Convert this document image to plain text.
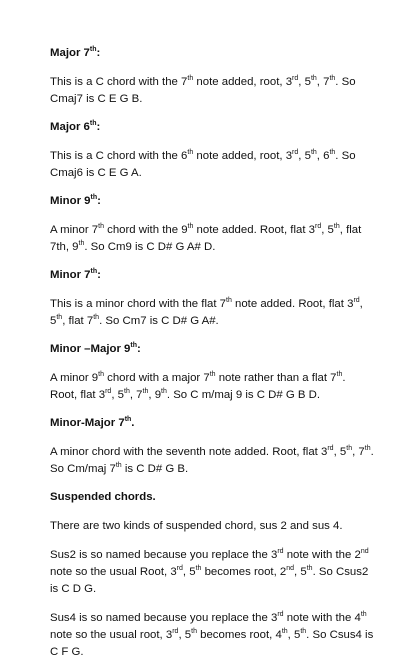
Major 7th:

This is a C chord with the 7th note added, root, 3rd, 5th, 7th. So Cmaj7 is C E G B.

Major 6th:

This is a C chord with the 6th note added, root, 3rd, 5th, 6th. So Cmaj6 is C E G A.

Minor 9th:

A minor 7th chord with the 9th note added. Root, flat 3rd, 5th, flat 7th, 9th. So Cm9 is C D# G A# D.

Minor 7th:

This is a minor chord with the flat 7th note added. Root, flat 3rd, 5th, flat 7th. So Cm7 is C D# G A#.

Minor –Major 9th:

A minor 9th chord with a major 7th note rather than a flat 7th. Root, flat 3rd, 5th, 7th, 9th. So C m/maj 9 is C D# G B D.

Minor-Major 7th.

A minor chord with the seventh note added. Root, flat 3rd, 5th, 7th. So Cm/maj 7th is C D# G B.

Suspended chords.

There are two kinds of suspended chord, sus 2 and sus 4.

Sus2 is so named because you replace the 3rd note with the 2nd note so the usual Root, 3rd, 5th becomes root, 2nd, 5th. So Csus2 is C D G.

Sus4 is so named because you replace the 3rd note with the 4th note so the usual root, 3rd, 5th becomes root, 4th, 5th. So Csus4 is C F G.
